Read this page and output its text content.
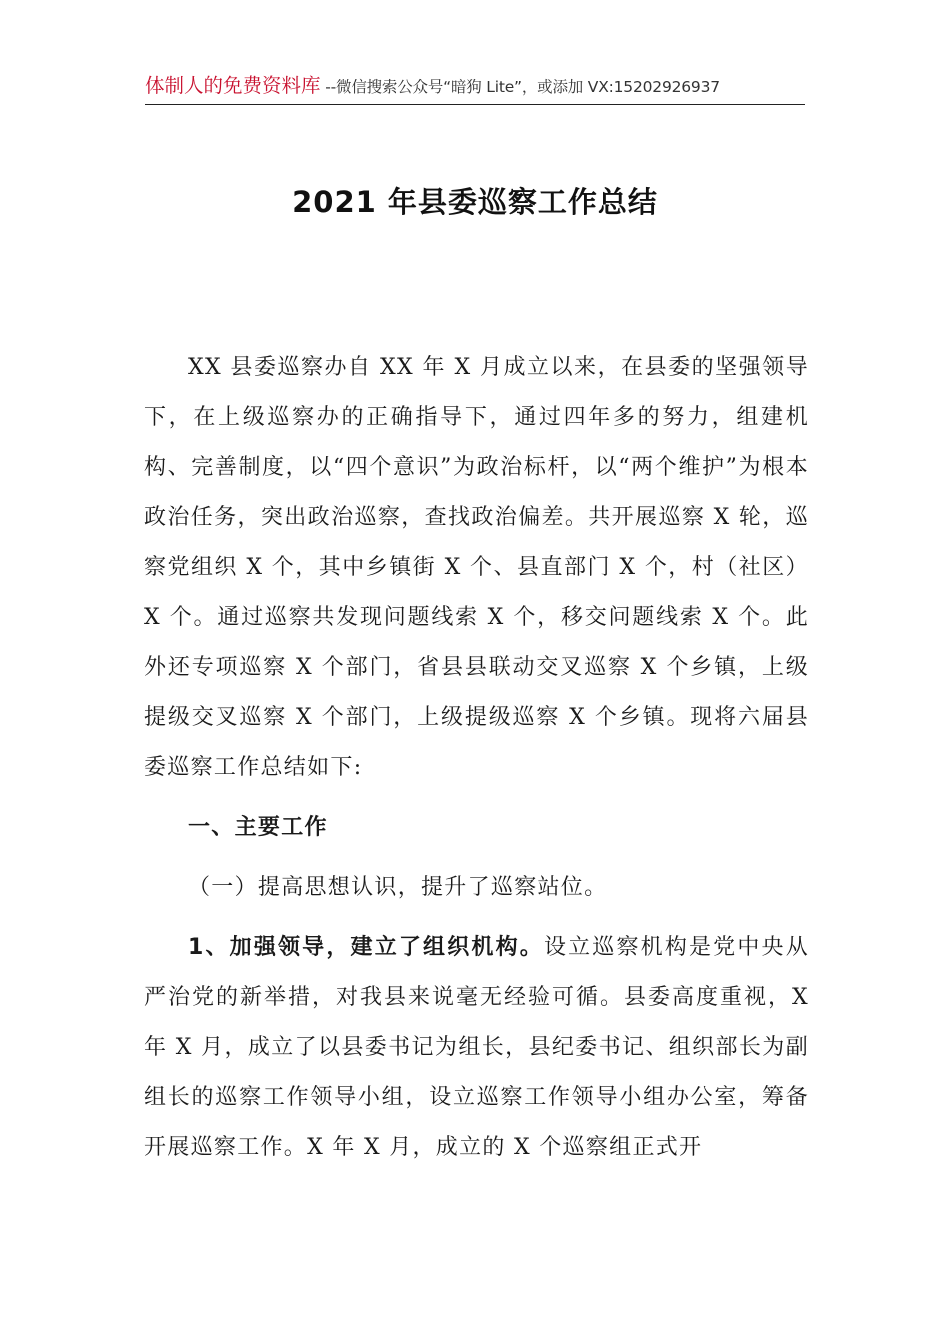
体制人的免费资料库 --微信搜索公众号“暗狗 Lite”，或添加 VX:15202926937
2021 年县委巡察工作总结

XX 县委巡察办自 XX 年 X 月成立以来，在县委的坚强领导下，在上级巡察办的正确指导下，通过四年多的努力，组建机构、完善制度，以“四个意识”为政治标杆，以“两个维护”为根本政治任务，突出政治巡察，查找政治偏差。共开展巡察 X 轮，巡察党组织 X 个，其中乡镇街 X 个、县直部门 X 个，村（社区）X 个。通过巡察共发现问题线索 X 个，移交问题线索 X 个。此外还专项巡察 X 个部门，省县县联动交叉巡察 X 个乡镇，上级提级交叉巡察 X 个部门，上级提级巡察 X 个乡镇。现将六届县委巡察工作总结如下:

一、主要工作

（一）提高思想认识，提升了巡察站位。

1、加强领导，建立了组织机构。设立巡察机构是党中央从严治党的新举措，对我县来说毫无经验可循。县委高度重视，X 年 X 月，成立了以县委书记为组长，县纪委书记、组织部长为副组长的巡察工作领导小组，设立巡察工作领导小组办公室，筹备开展巡察工作。X 年 X 月，成立的 X 个巡察组正式开
